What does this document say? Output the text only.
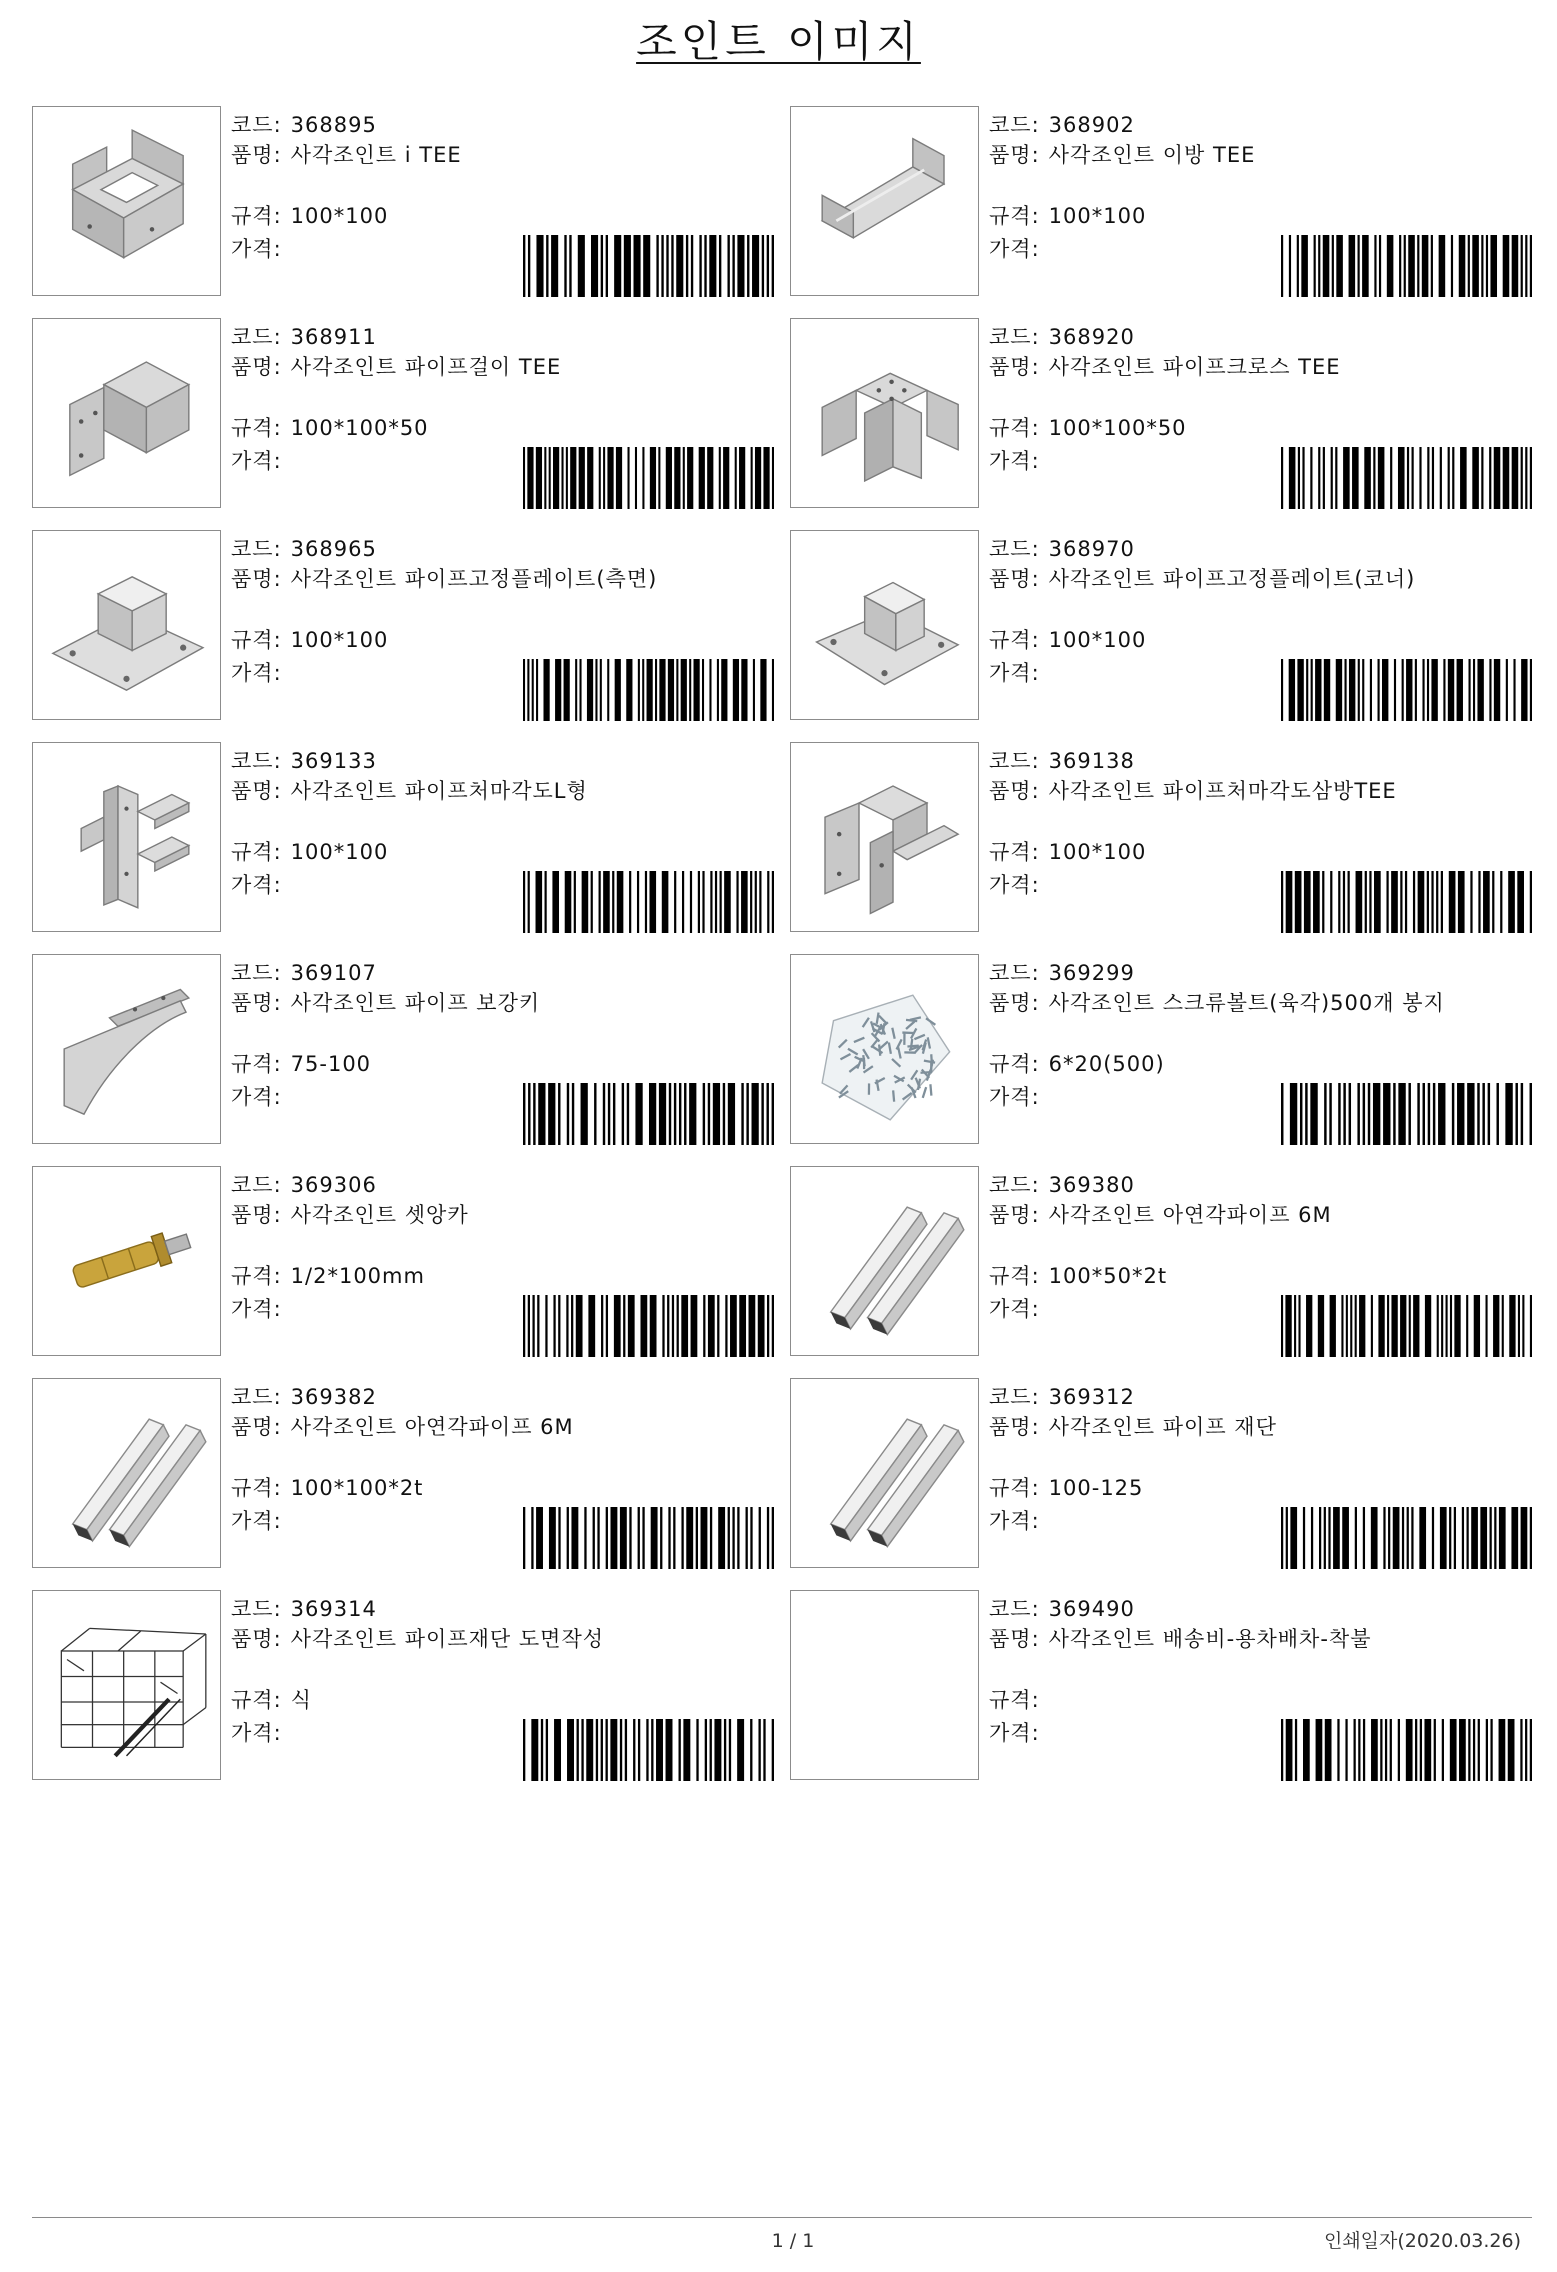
조인트 이미지
코드: 368895
품명: 사각조인트 i TEE
규격: 100*100
가격:
코드: 368902
품명: 사각조인트 이방 TEE
규격: 100*100
가격:
코드: 368911
품명: 사각조인트 파이프걸이 TEE
규격: 100*100*50
가격:
코드: 368920
품명: 사각조인트 파이프크로스 TEE
규격: 100*100*50
가격:
코드: 368965
품명: 사각조인트 파이프고정플레이트(측면)
규격: 100*100
가격:
코드: 368970
품명: 사각조인트 파이프고정플레이트(코너)
규격: 100*100
가격:
코드: 369133
품명: 사각조인트 파이프처마각도L형
규격: 100*100
가격:
코드: 369138
품명: 사각조인트 파이프처마각도삼방TEE
규격: 100*100
가격:
코드: 369107
품명: 사각조인트 파이프 보강키
규격: 75-100
가격:
코드: 369299
품명: 사각조인트 스크류볼트(육각)500개 봉지
규격: 6*20(500)
가격:
코드: 369306
품명: 사각조인트 셋앙카
규격: 1/2*100mm
가격:
코드: 369380
품명: 사각조인트 아연각파이프 6M
규격: 100*50*2t
가격:
코드: 369382
품명: 사각조인트 아연각파이프 6M
규격: 100*100*2t
가격:
코드: 369312
품명: 사각조인트 파이프 재단
규격: 100-125
가격:
코드: 369314
품명: 사각조인트 파이프재단 도면작성
규격: 식
가격:
코드: 369490
품명: 사각조인트 배송비-용차배차-착불
규격:
가격:
1 / 1	인쇄일자(2020.03.26)
